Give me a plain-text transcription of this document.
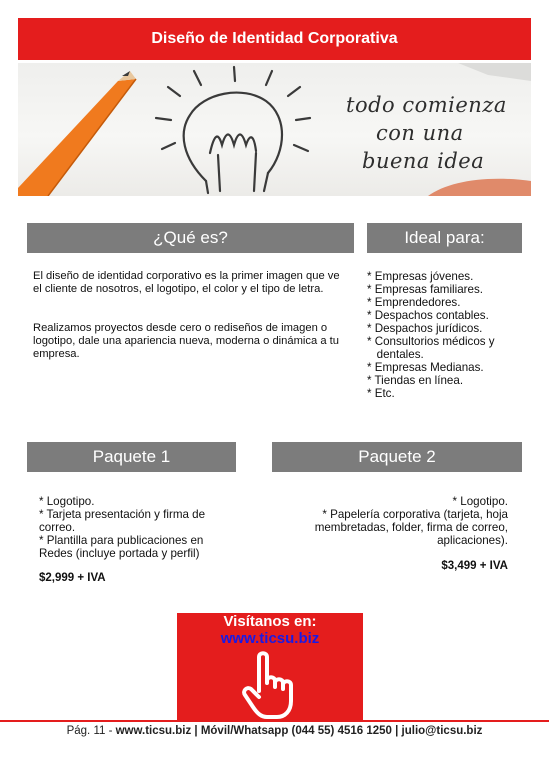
Diseño de Identidad Corporativa
todo comienza
con una
buena idea
¿Qué es?
El diseño de identidad corporativo es la primer imagen que ve el cliente de nosotros, el logotipo, el color y el tipo de letra.
Realizamos proyectos desde cero o rediseños de imagen o logotipo, dale una apariencia nueva, moderna o dinámica a tu empresa.
Ideal para:
* Empresas jóvenes.
* Empresas familiares.
* Emprendedores.
* Despachos contables.
* Despachos jurídicos.
* Consultorios médicos y
dentales.
* Empresas Medianas.
* Tiendas en línea.
* Etc.
Paquete 1
* Logotipo.
* Tarjeta presentación y firma de
correo.
* Plantilla para publicaciones en
Redes (incluye portada y perfil)
$2,999 + IVA
Paquete 2
* Logotipo.
* Papelería corporativa (tarjeta, hoja
membretadas, folder, firma de correo,
aplicaciones).
$3,499 + IVA
Visítanos en:
www.ticsu.biz
Pág. 11 - www.ticsu.biz | Móvil/Whatsapp (044 55) 4516 1250 | julio@ticsu.biz
